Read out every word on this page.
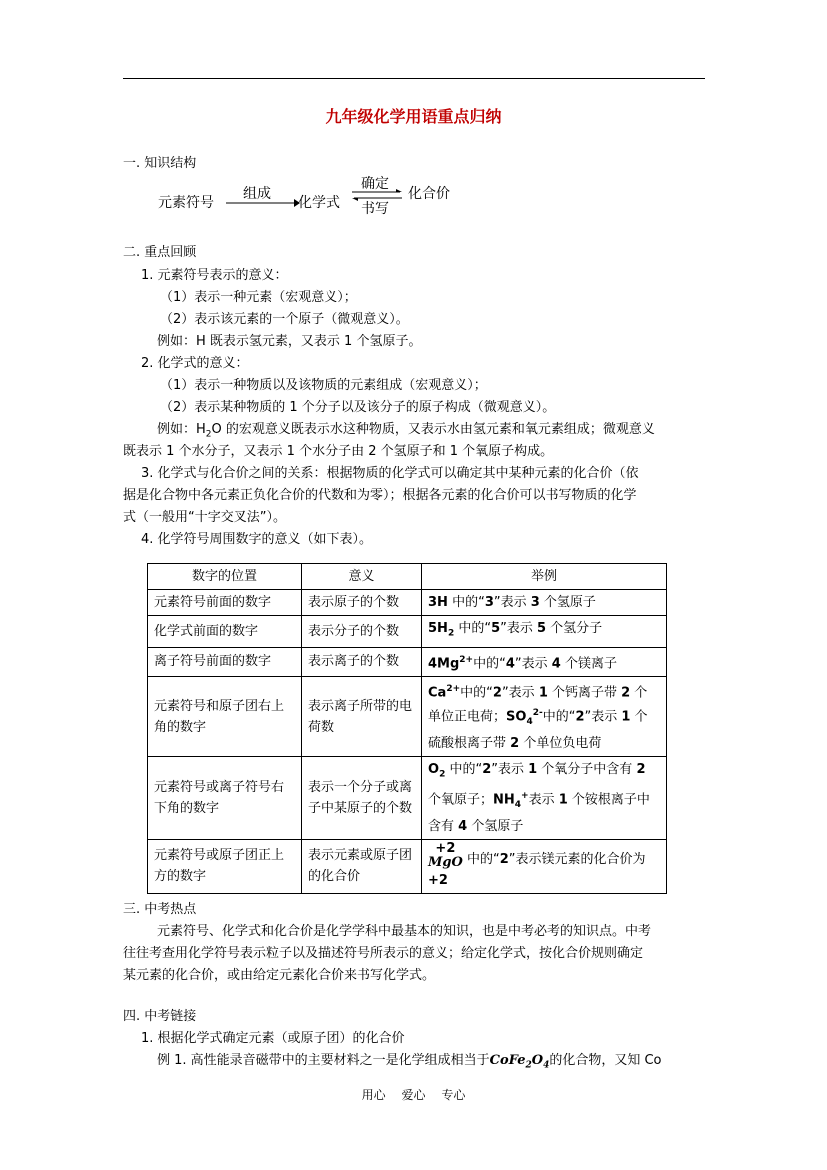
九年级化学用语重点归纳
一. 知识结构
元素符号
组成
化学式
确定
书写
化合价
二. 重点回顾
1. 元素符号表示的意义：
（1）表示一种元素（宏观意义）；
（2）表示该元素的一个原子（微观意义）。
例如：H 既表示氢元素，又表示 1 个氢原子。
2. 化学式的意义：
（1）表示一种物质以及该物质的元素组成（宏观意义）；
（2）表示某种物质的 1 个分子以及该分子的原子构成（微观意义）。
例如：$H_2O$ 的宏观意义既表示水这种物质，又表示水由氢元素和氧元素组成；微观意义
既表示 1 个水分子，又表示 1 个水分子由 2 个氢原子和 1 个氧原子构成。
3. 化学式与化合价之间的关系：根据物质的化学式可以确定其中某种元素的化合价（依
据是化合物中各元素正负化合价的代数和为零）；根据各元素的化合价可以书写物质的化学
式（一般用“十字交叉法”）。
4. 化学符号周围数字的意义（如下表）。
数字的位置	意义	举例
元素符号前面的数字	表示原子的个数	3H 中的“3”表示 3 个氢原子
化学式前面的数字	表示分子的个数	$5H_2$ 中的“5”表示 5 个氢分子
离子符号前面的数字	表示离子的个数	$4Mg^{2+}$中的“4”表示 4 个镁离子
元素符号和原子团右上角的数字	表示离子所带的电荷数	$Ca^{2+}$中的“2”表示 1 个钙离子带 2 个单位正电荷；$SO_4^{2-}$中的“2”表示 1 个硫酸根离子带 2 个单位负电荷
元素符号或离子符号右下角的数字	表示一个分子或离子中某原子的个数	$O_2$ 中的“2”表示 1 个氧分子中含有 2 个氧原子；$NH_4^+$表示 1 个铵根离子中含有 4 个氢原子
元素符号或原子团正上方的数字	表示元素或原子团的化合价	+2
MgO 中的“2”表示镁元素的化合价为+2
三. 中考热点
元素符号、化学式和化合价是化学学科中最基本的知识，也是中考必考的知识点。中考
往往考查用化学符号表示粒子以及描述符号所表示的意义；给定化学式，按化合价规则确定
某元素的化合价，或由给定元素化合价来书写化学式。
四. 中考链接
1. 根据化学式确定元素（或原子团）的化合价
例 1. 高性能录音磁带中的主要材料之一是化学组成相当于$CoFe_2O_4$的化合物，又知 Co
用心 爱心 专心
